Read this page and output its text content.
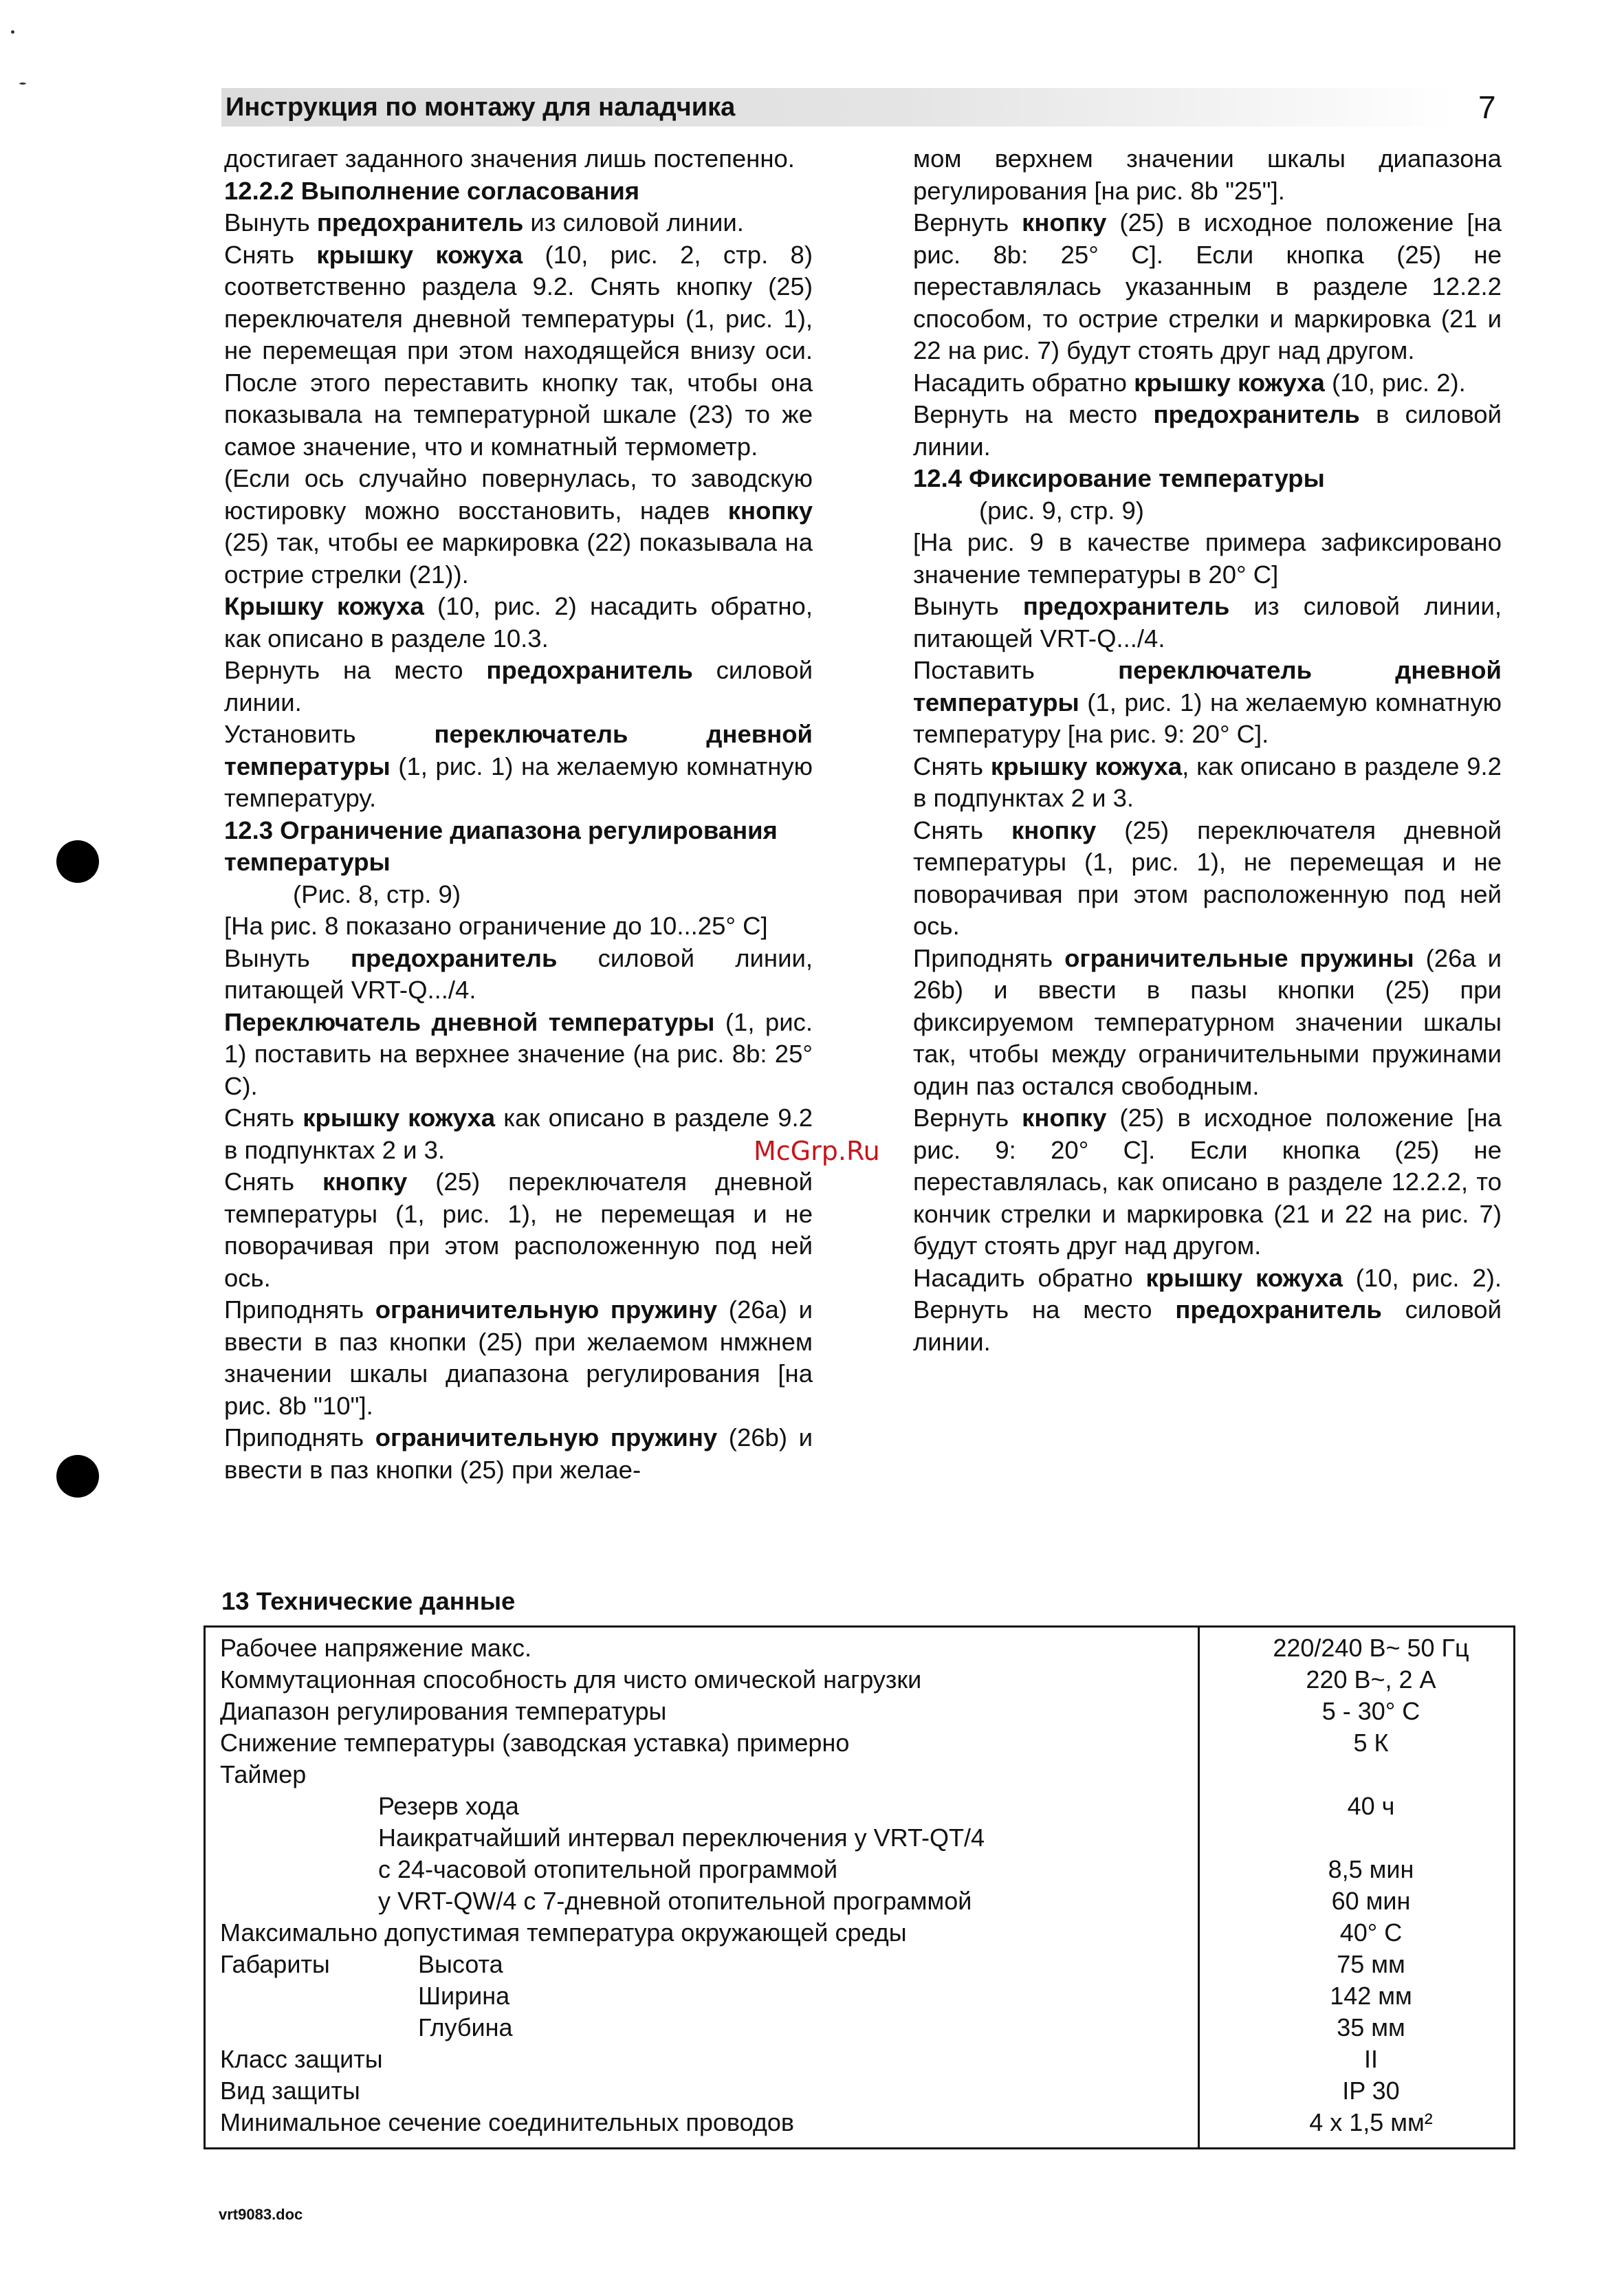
Инструкция по монтажу для наладчика	7

достигает заданного значения лишь постепенно.

12.2.2 Выполнение согласования

Вынуть предохранитель из силовой линии.

Снять крышку кожуха (10, рис. 2, стр. 8) соответственно раздела 9.2. Снять кнопку (25) переключателя дневной температуры (1, рис. 1), не перемещая при этом находящейся внизу оси. После этого переставить кнопку так, чтобы она показывала на температурной шкале (23) то же самое значение, что и комнатный термометр.

(Если ось случайно повернулась, то заводскую юстировку можно восстановить, надев кнопку (25) так, чтобы ее маркировка (22) показывала на острие стрелки (21)).

Крышку кожуха (10, рис. 2) насадить обратно, как описано в разделе 10.3.

Вернуть на место предохранитель силовой линии.

Установить переключатель дневной температуры (1, рис. 1) на желаемую комнатную температуру.

12.3 Ограничение диапазона регулирования температуры

(Рис. 8, стр. 9)

[На рис. 8 показано ограничение до 10...25° C]

Вынуть предохранитель силовой линии, питающей VRT-Q.../4.

Переключатель дневной температуры (1, рис. 1) поставить на верхнее значение (на рис. 8b: 25° C).

Снять крышку кожуха как описано в разделе 9.2 в подпунктах 2 и 3.

Снять кнопку (25) переключателя дневной температуры (1, рис. 1), не перемещая и не поворачивая при этом расположенную под ней ось.

Приподнять ограничительную пружину (26a) и ввести в паз кнопки (25) при желаемом нмжнем значении шкалы диапазона регулирования [на рис. 8b "10"].

Приподнять ограничительную пружину (26b) и ввести в паз кнопки (25) при желае-

мом верхнем значении шкалы диапазона регулирования [на рис. 8b "25"].

Вернуть кнопку (25) в исходное положение [на рис. 8b: 25° C]. Если кнопка (25) не переставлялась указанным в разделе 12.2.2 способом, то острие стрелки и маркировка (21 и 22 на рис. 7) будут стоять друг над другом.

Насадить обратно крышку кожуха (10, рис. 2).

Вернуть на место предохранитель в силовой линии.

12.4 Фиксирование температуры

(рис. 9, стр. 9)

[На рис. 9 в качестве примера зафиксировано значение температуры в 20° C]

Вынуть предохранитель из силовой линии, питающей VRT-Q.../4.

Поставить переключатель дневной температуры (1, рис. 1) на желаемую комнатную температуру [на рис. 9: 20° C].

Снять крышку кожуха, как описано в разделе 9.2 в подпунктах 2 и 3.

Снять кнопку (25) переключателя дневной температуры (1, рис. 1), не перемещая и не поворачивая при этом расположенную под ней ось.

Приподнять ограничительные пружины (26a и 26b) и ввести в пазы кнопки (25) при фиксируемом температурном значении шкалы так, чтобы между ограничительными пружинами один паз остался свободным.

Вернуть кнопку (25) в исходное положение [на рис. 9: 20° C]. Если кнопка (25) не переставлялась, как описано в разделе 12.2.2, то кончик стрелки и маркировка (21 и 22 на рис. 7) будут стоять друг над другом.

Насадить обратно крышку кожуха (10, рис. 2). Вернуть на место предохранитель силовой линии.

McGrp.Ru
13 Технические данные
Рабочее напряжение макс.	220/240 В~ 50 Гц
Коммутационная способность для чисто омической нагрузки	220 В~, 2 А
Диапазон регулирования температуры	5 - 30° С
Снижение температуры (заводская уставка) примерно	5 К
Таймер
Резерв хода	40 ч
Наикратчайший интервал переключения у VRT-QT/4
с 24-часовой отопительной программой	8,5 мин
у VRT-QW/4 с 7-дневной отопительной программой	60 мин
Максимально допустимая температура окружающей среды	40° С
Габариты	Высота	75 мм
Ширина	142 мм
Глубина	35 мм
Класс защиты	II
Вид защиты	IP 30
Минимальное сечение соединительных проводов	4 х 1,5 мм²
vrt9083.doc
